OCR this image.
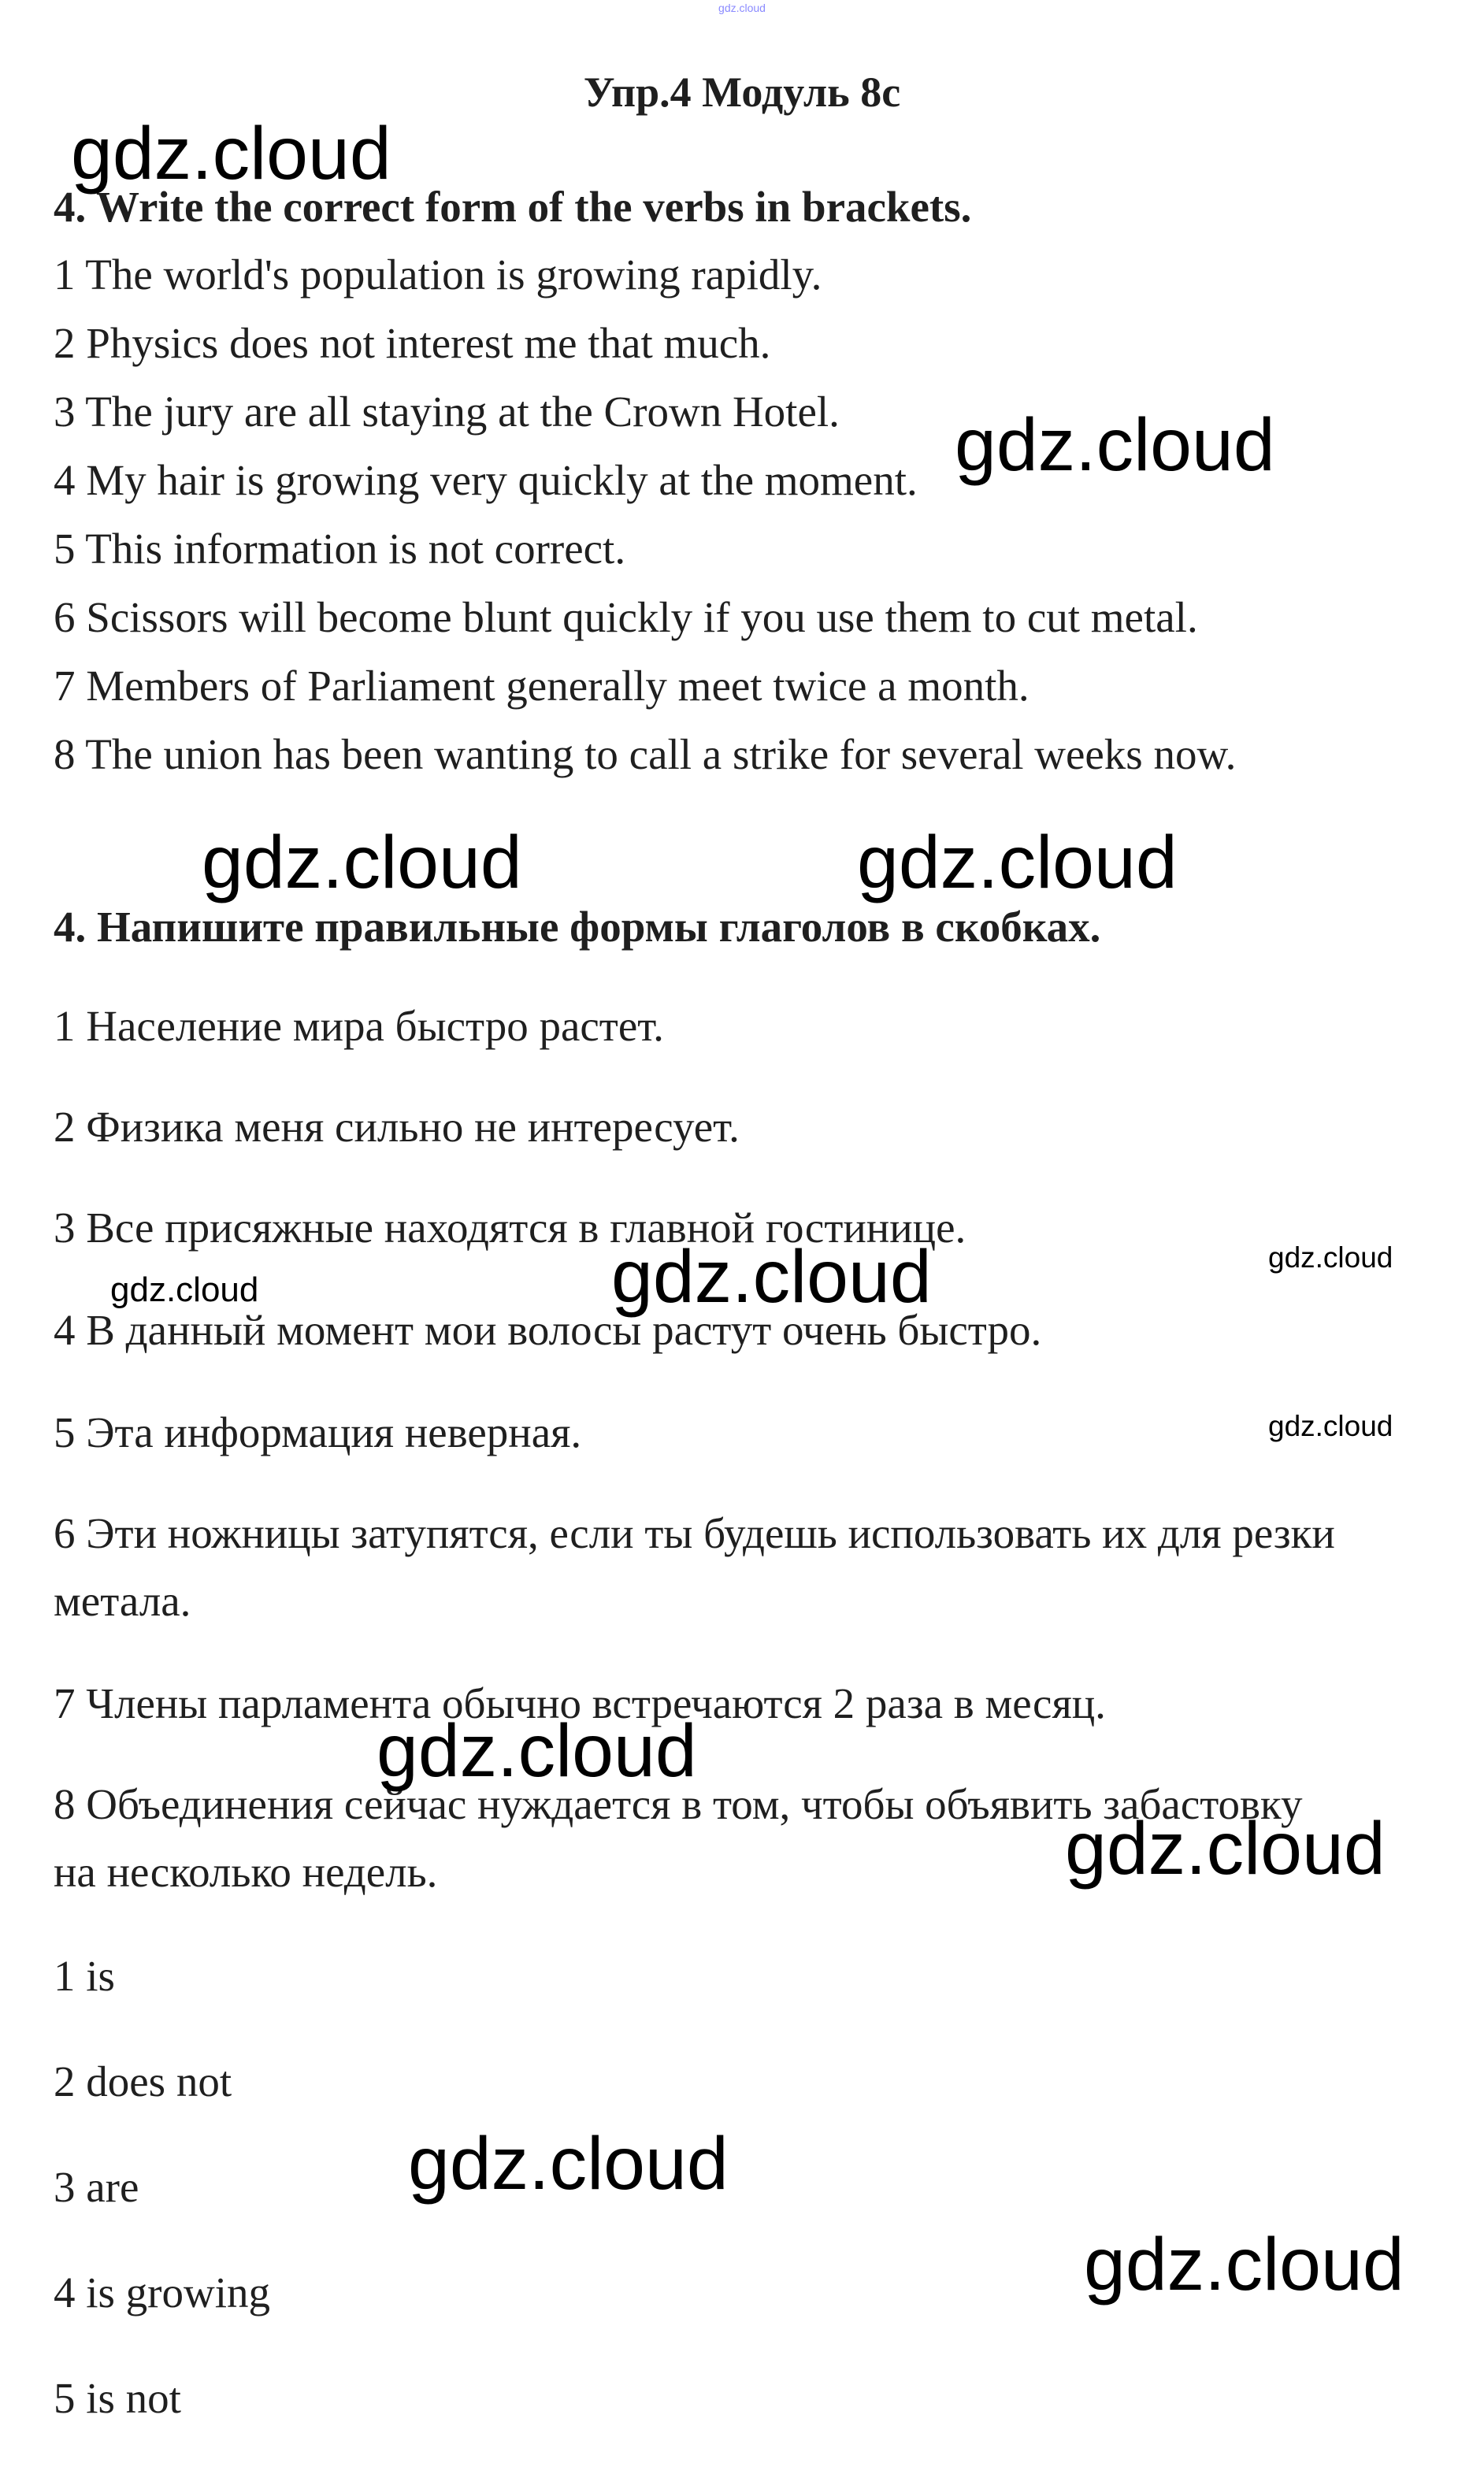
gdz.cloud
Упр.4 Модуль 8с
4. Write the correct form of the verbs in brackets.
1 The world's population is growing rapidly.
2 Physics does not interest me that much.
3 The jury are all staying at the Crown Hotel.
4 My hair is growing very quickly at the moment.
5 This information is not correct.
6 Scissors will become blunt quickly if you use them to cut metal.
7 Members of Parliament generally meet twice a month.
8 The union has been wanting to call a strike for several weeks now.
4. Напишите правильные формы глаголов в скобках.
1 Население мира быстро растет.
2 Физика меня сильно не интересует.
3 Все присяжные находятся в главной гостинице.
4 В данный момент мои волосы растут очень быстро.
5 Эта информация неверная.
6 Эти ножницы затупятся, если ты будешь использовать их для резки
метала.
7 Члены парламента обычно встречаются 2 раза в месяц.
8 Объединения сейчас нуждается в том, чтобы объявить забастовку
на несколько недель.
1 is
2 does not
3 are
4 is growing
5 is not
gdz.cloud
gdz.cloud
gdz.cloud	gdz.cloud
gdz.cloud
gdz.cloud
gdz.cloud
gdz.cloud
gdz.cloud
gdz.cloud
gdz.cloud
gdz.cloud
